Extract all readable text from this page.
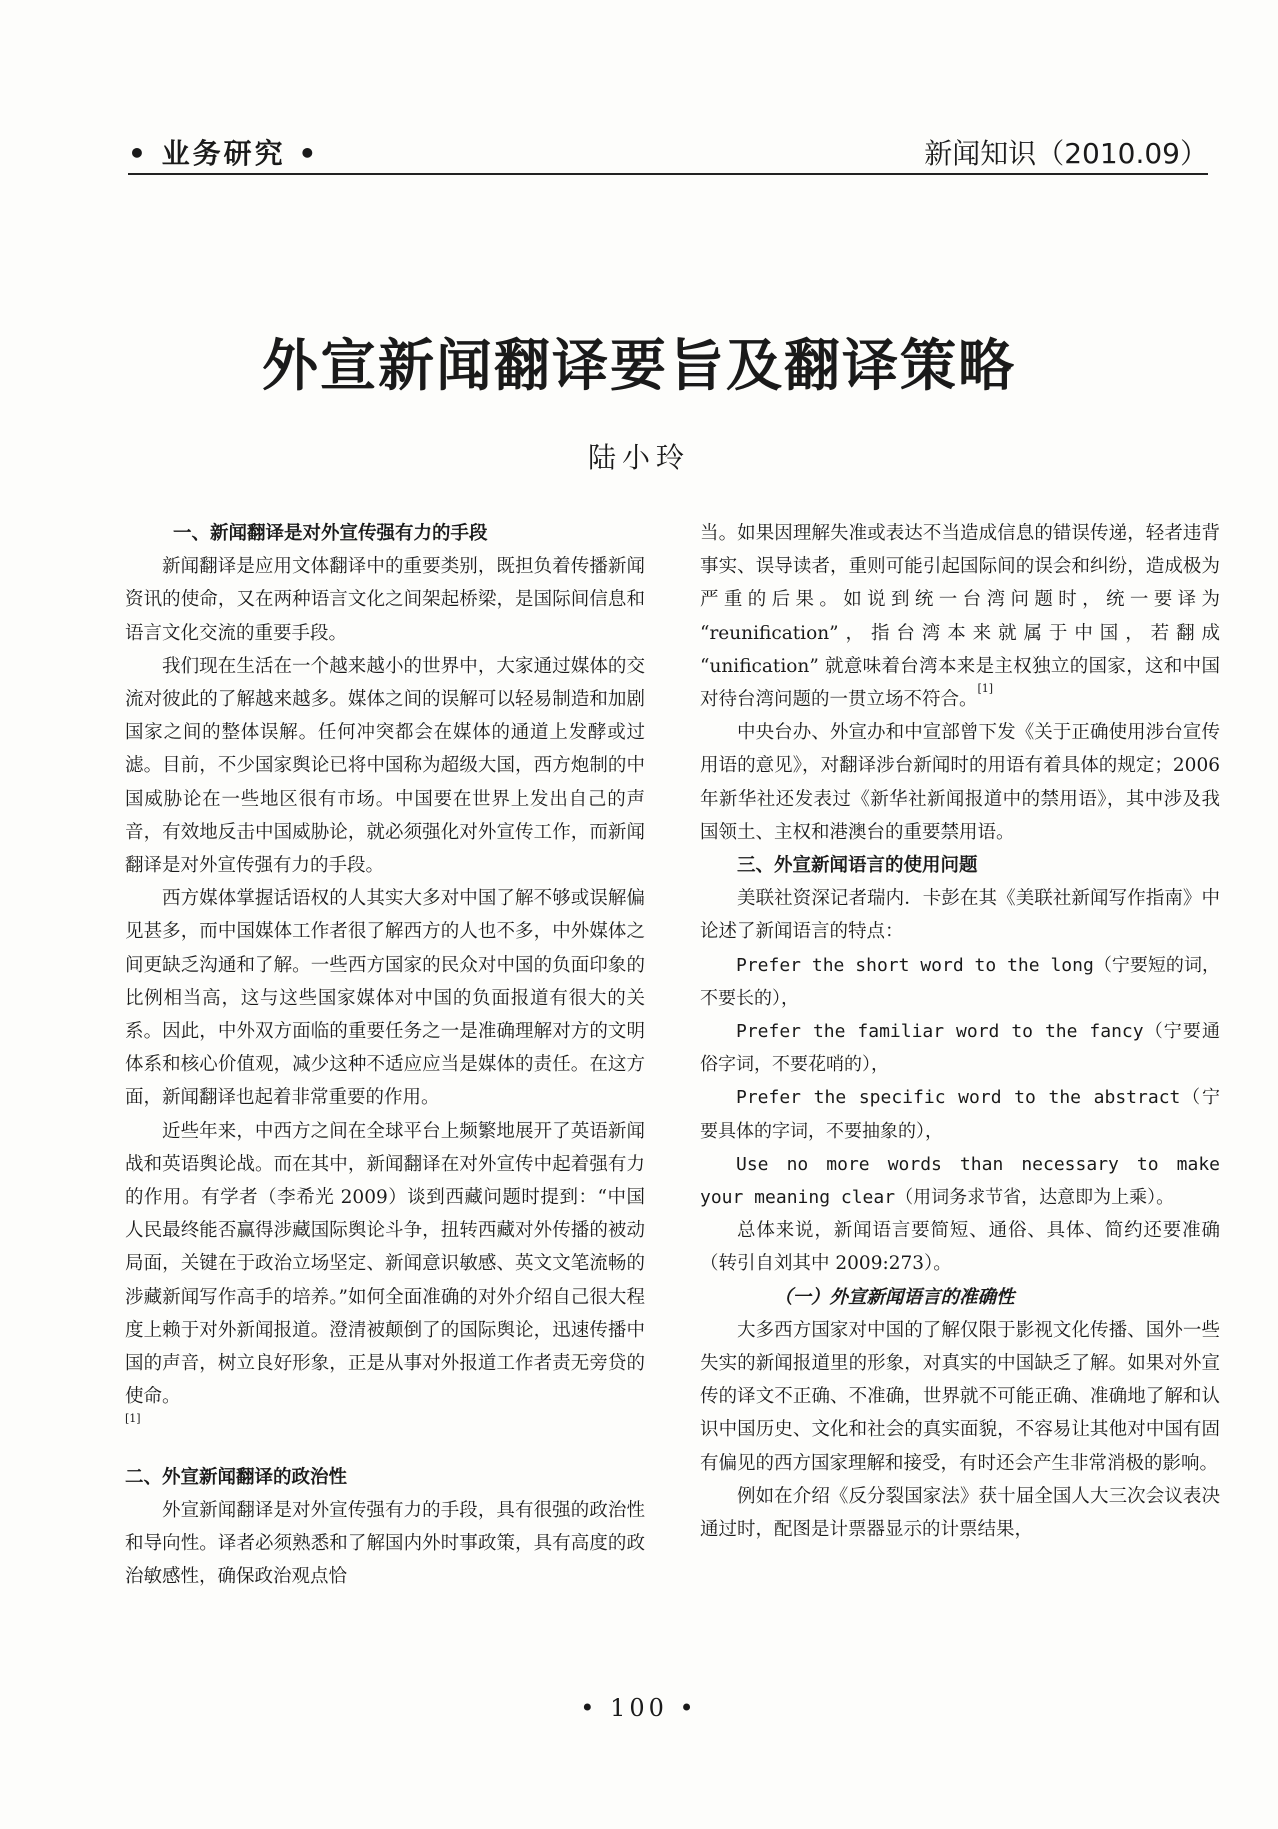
• 业务研究 •	新闻知识（2010.09）
外宣新闻翻译要旨及翻译策略
陆小玲
一、新闻翻译是对外宣传强有力的手段

新闻翻译是应用文体翻译中的重要类别，既担负着传播新闻资讯的使命，又在两种语言文化之间架起桥梁，是国际间信息和语言文化交流的重要手段。

我们现在生活在一个越来越小的世界中，大家通过媒体的交流对彼此的了解越来越多。媒体之间的误解可以轻易制造和加剧国家之间的整体误解。任何冲突都会在媒体的通道上发酵或过滤。目前，不少国家舆论已将中国称为超级大国，西方炮制的中国威胁论在一些地区很有市场。中国要在世界上发出自己的声音，有效地反击中国威胁论，就必须强化对外宣传工作，而新闻翻译是对外宣传强有力的手段。

西方媒体掌握话语权的人其实大多对中国了解不够或误解偏见甚多，而中国媒体工作者很了解西方的人也不多，中外媒体之间更缺乏沟通和了解。一些西方国家的民众对中国的负面印象的比例相当高，这与这些国家媒体对中国的负面报道有很大的关系。因此，中外双方面临的重要任务之一是准确理解对方的文明体系和核心价值观，减少这种不适应应当是媒体的责任。在这方面，新闻翻译也起着非常重要的作用。

近些年来，中西方之间在全球平台上频繁地展开了英语新闻战和英语舆论战。而在其中，新闻翻译在对外宣传中起着强有力的作用。有学者（李希光 2009）谈到西藏问题时提到：“中国人民最终能否赢得涉藏国际舆论斗争，扭转西藏对外传播的被动局面，关键在于政治立场坚定、新闻意识敏感、英文文笔流畅的涉藏新闻写作高手的培养。”如何全面准确的对外介绍自己很大程度上赖于对外新闻报道。澄清被颠倒了的国际舆论，迅速传播中国的声音，树立良好形象，正是从事对外报道工作者责无旁贷的使命。
[1]

二、外宣新闻翻译的政治性

外宣新闻翻译是对外宣传强有力的手段，具有很强的政治性和导向性。译者必须熟悉和了解国内外时事政策，具有高度的政治敏感性，确保政治观点恰

当。如果因理解失准或表达不当造成信息的错误传递，轻者违背事实、误导读者，重则可能引起国际间的误会和纠纷，造成极为严重的后果。如说到统一台湾问题时，统一要译为 “reunification”，指台湾本来就属于中国，若翻成 “unification” 就意味着台湾本来是主权独立的国家，这和中国对待台湾问题的一贯立场不符合。[1]

中央台办、外宣办和中宣部曾下发《关于正确使用涉台宣传用语的意见》，对翻译涉台新闻时的用语有着具体的规定；2006年新华社还发表过《新华社新闻报道中的禁用语》，其中涉及我国领土、主权和港澳台的重要禁用语。

三、外宣新闻语言的使用问题

美联社资深记者瑞内．卡彭在其《美联社新闻写作指南》中论述了新闻语言的特点：

Prefer the short word to the long（宁要短的词，不要长的），

Prefer the familiar word to the fancy（宁要通俗字词，不要花哨的），

Prefer the specific word to the abstract（宁要具体的字词，不要抽象的），

Use no more words than necessary to make your meaning clear（用词务求节省，达意即为上乘）。

总体来说，新闻语言要简短、通俗、具体、简约还要准确（转引自刘其中 2009:273）。

（一）外宣新闻语言的准确性

大多西方国家对中国的了解仅限于影视文化传播、国外一些失实的新闻报道里的形象，对真实的中国缺乏了解。如果对外宣传的译文不正确、不准确，世界就不可能正确、准确地了解和认识中国历史、文化和社会的真实面貌，不容易让其他对中国有固有偏见的西方国家理解和接受，有时还会产生非常消极的影响。

例如在介绍《反分裂国家法》获十届全国人大三次会议表决通过时，配图是计票器显示的计票结果，

• 100 •
